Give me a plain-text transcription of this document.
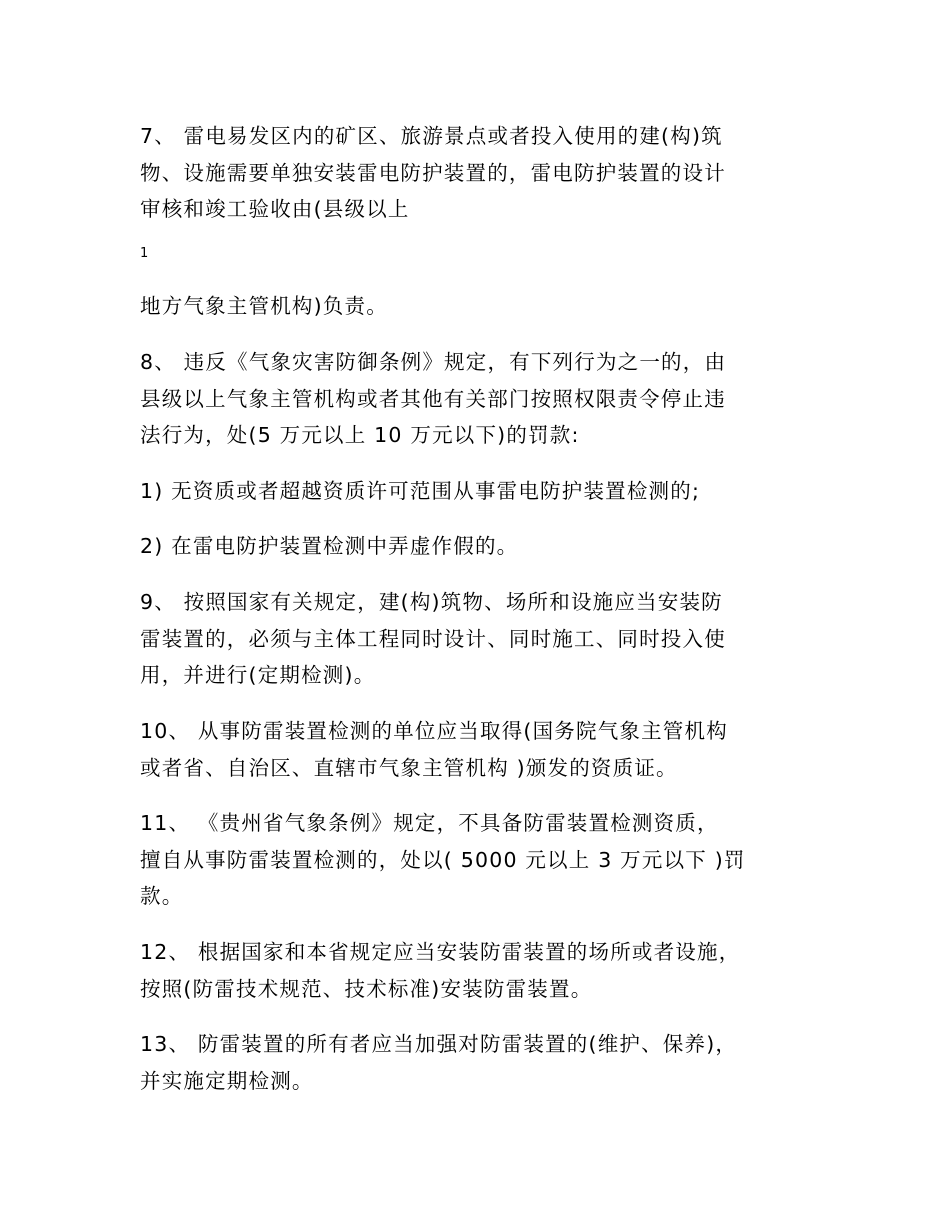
7、 雷电易发区内的矿区、旅游景点或者投入使用的建(构)筑
物、设施需要单独安装雷电防护装置的，雷电防护装置的设计
审核和竣工验收由(县级以上
1
地方气象主管机构)负责。
8、 违反《气象灾害防御条例》规定，有下列行为之一的，由
县级以上气象主管机构或者其他有关部门按照权限责令停止违
法行为，处(5 万元以上 10 万元以下)的罚款:
1) 无资质或者超越资质许可范围从事雷电防护装置检测的;
2) 在雷电防护装置检测中弄虚作假的。
9、 按照国家有关规定，建(构)筑物、场所和设施应当安装防
雷装置的，必须与主体工程同时设计、同时施工、同时投入使
用，并进行(定期检测)。
10、 从事防雷装置检测的单位应当取得(国务院气象主管机构
或者省、自治区、直辖市气象主管机构 )颁发的资质证。
11、 《贵州省气象条例》规定，不具备防雷装置检测资质，
擅自从事防雷装置检测的，处以( 5000 元以上 3 万元以下 )罚
款。
12、 根据国家和本省规定应当安装防雷装置的场所或者设施，
按照(防雷技术规范、技术标准)安装防雷装置。
13、 防雷装置的所有者应当加强对防雷装置的(维护、保养)，
并实施定期检测。
